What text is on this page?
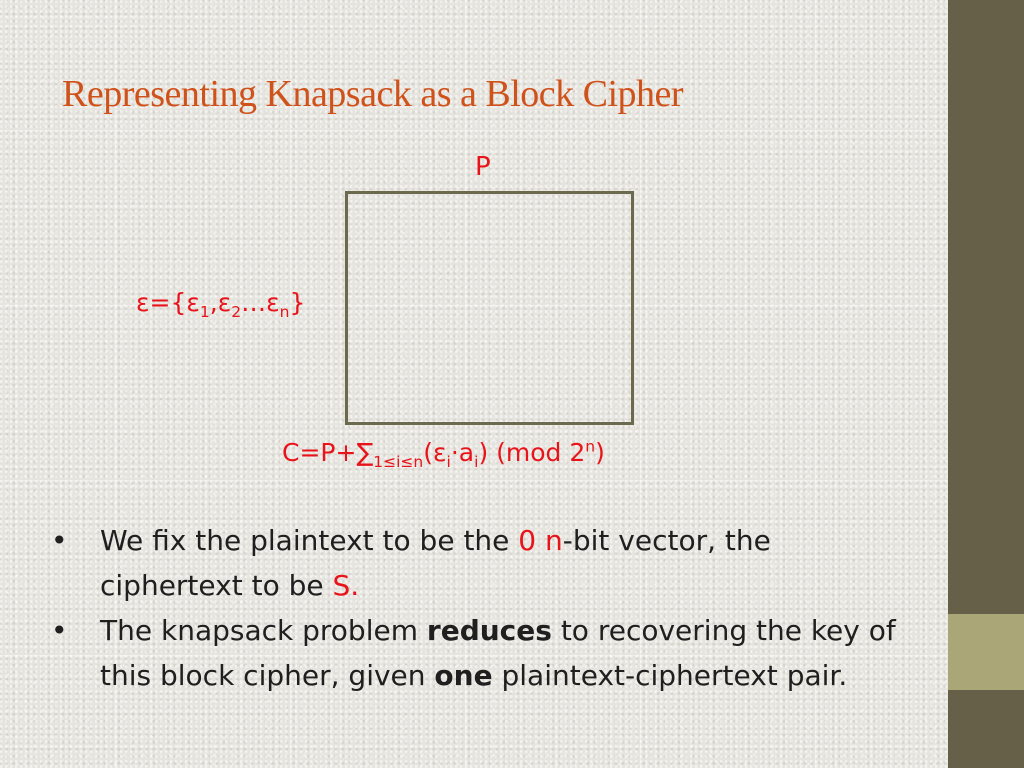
Representing Knapsack as a Block Cipher
P
$\varepsilon=\{\varepsilon_1,\varepsilon_2\dots\varepsilon_n\}$
$C=P+\sum_{1\le i\le n}(\varepsilon_i\cdot a_i)$ (mod 2$^n$)
• We fix the plaintext to be the 0 n-bit vector, the ciphertext to be S.
• The knapsack problem reduces to recovering the key of this block cipher, given one plaintext-ciphertext pair.
